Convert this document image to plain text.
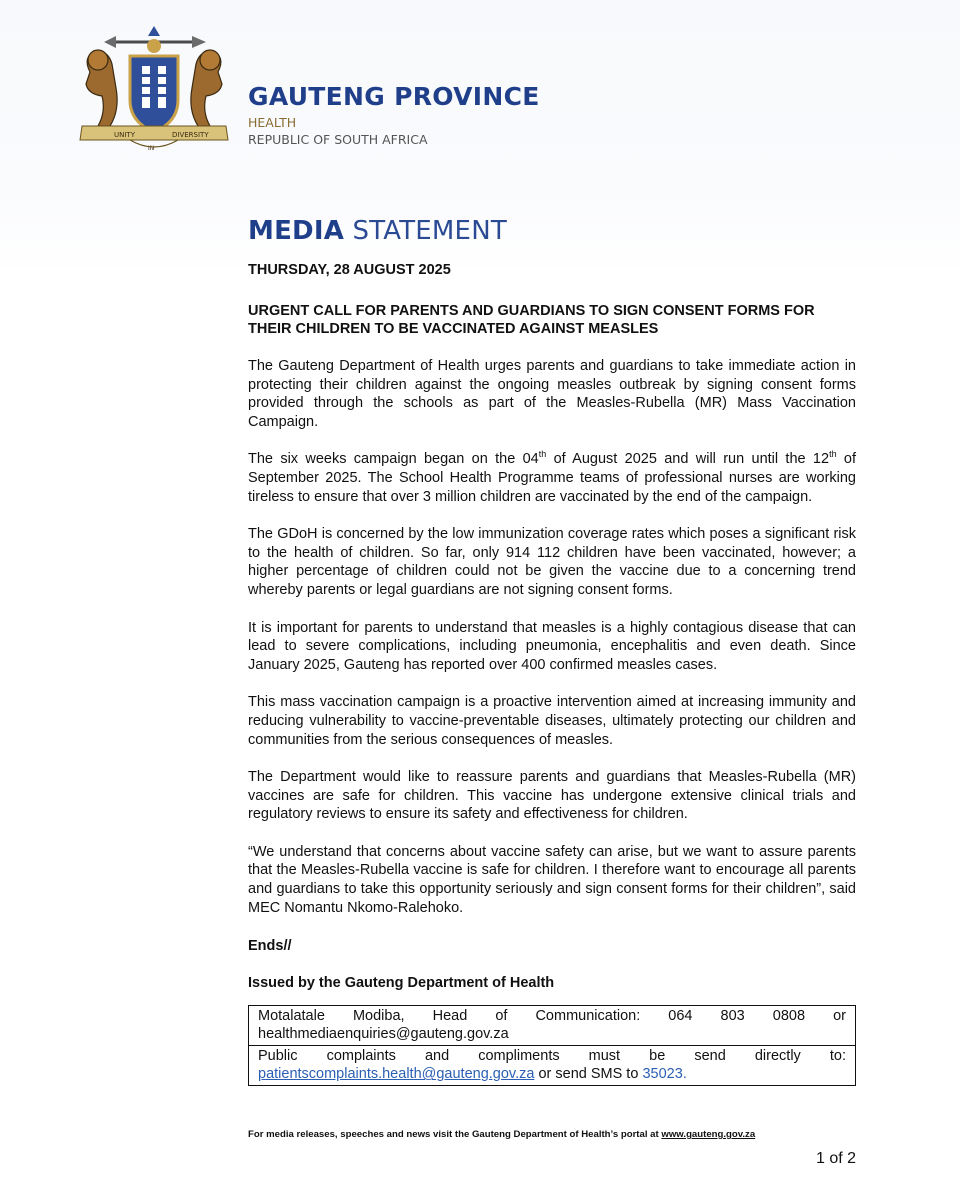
UNITY
IN
DIVERSITY
GAUTENG PROVINCE
HEALTH
REPUBLIC OF SOUTH AFRICA
MEDIA STATEMENT

THURSDAY, 28 AUGUST 2025

URGENT CALL FOR PARENTS AND GUARDIANS TO SIGN CONSENT FORMS FOR THEIR CHILDREN TO BE VACCINATED AGAINST MEASLES

The Gauteng Department of Health urges parents and guardians to take immediate action in protecting their children against the ongoing measles outbreak by signing consent forms provided through the schools as part of the Measles-Rubella (MR) Mass Vaccination Campaign.

The six weeks campaign began on the 04th of August 2025 and will run until the 12th of September 2025. The School Health Programme teams of professional nurses are working tireless to ensure that over 3 million children are vaccinated by the end of the campaign.

The GDoH is concerned by the low immunization coverage rates which poses a significant risk to the health of children. So far, only 914 112 children have been vaccinated, however; a higher percentage of children could not be given the vaccine due to a concerning trend whereby parents or legal guardians are not signing consent forms.

It is important for parents to understand that measles is a highly contagious disease that can lead to severe complications, including pneumonia, encephalitis and even death. Since January 2025, Gauteng has reported over 400 confirmed measles cases.

This mass vaccination campaign is a proactive intervention aimed at increasing immunity and reducing vulnerability to vaccine-preventable diseases, ultimately protecting our children and communities from the serious consequences of measles.

The Department would like to reassure parents and guardians that Measles-Rubella (MR) vaccines are safe for children. This vaccine has undergone extensive clinical trials and regulatory reviews to ensure its safety and effectiveness for children.

“We understand that concerns about vaccine safety can arise, but we want to assure parents that the Measles-Rubella vaccine is safe for children. I therefore want to encourage all parents and guardians to take this opportunity seriously and sign consent forms for their children”, said MEC Nomantu Nkomo-Ralehoko.

Ends//

Issued by the Gauteng Department of Health

Motalatale Modiba, Head of Communication: 064 803 0808 or
healthmediaenquiries@gauteng.gov.za

Public complaints and compliments must be send directly to:
patientscomplaints.health@gauteng.gov.za or send SMS to 35023.
For media releases, speeches and news visit the Gauteng Department of Health’s portal at www.gauteng.gov.za
1 of 2
